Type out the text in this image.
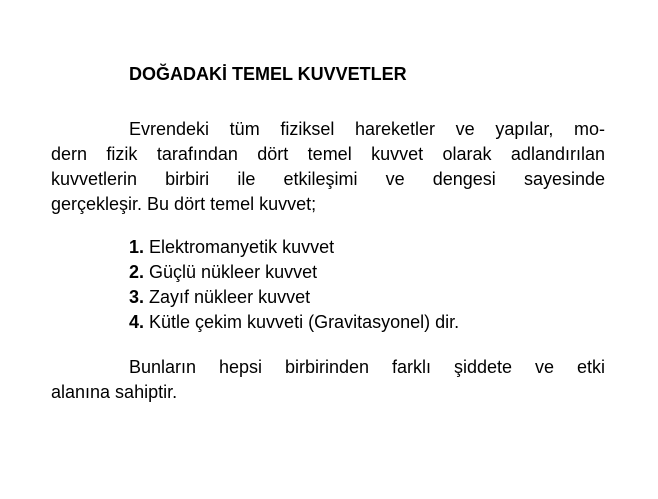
DOĞADAKİ TEMEL KUVVETLER

Evrendeki tüm fiziksel hareketler ve yapılar, mo-

dern fizik tarafından dört temel kuvvet olarak adlandırılan

kuvvetlerin birbiri ile etkileşimi ve dengesi sayesinde

gerçekleşir. Bu dört temel kuvvet;

1. Elektromanyetik kuvvet
2. Güçlü nükleer kuvvet
3. Zayıf nükleer kuvvet
4. Kütle çekim kuvveti (Gravitasyonel) dir.

Bunların hepsi birbirinden farklı şiddete ve etki

alanına sahiptir.
